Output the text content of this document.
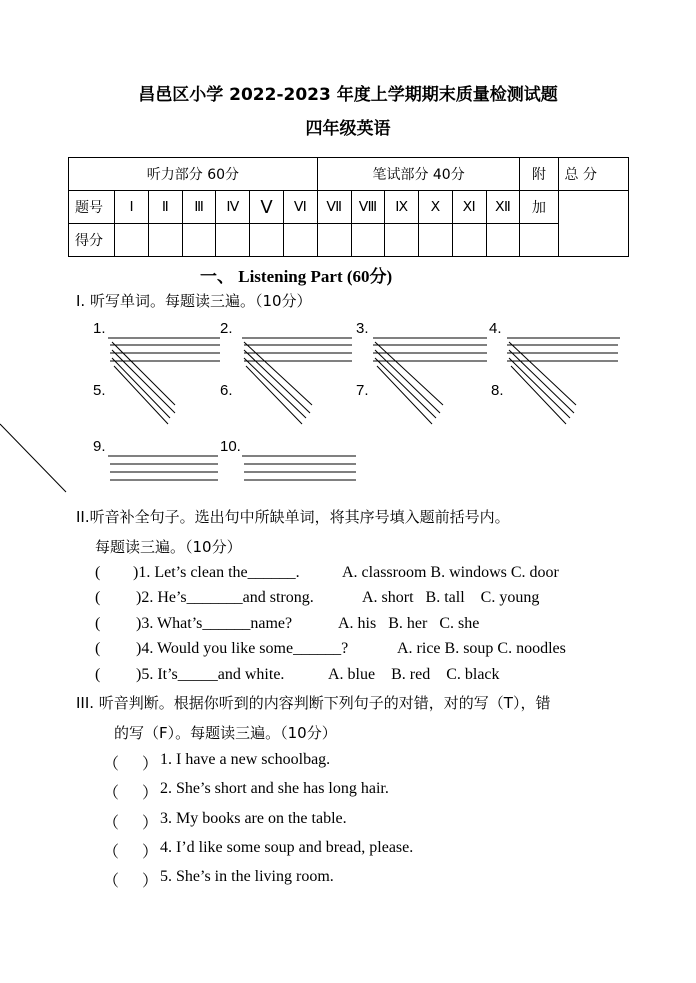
昌邑区小学 2022-2023 年度上学期期末质量检测试题
四年级英语
听力部分 60分							笔试部分 40分						附	总 分
题号	Ⅰ	Ⅱ	Ⅲ	Ⅳ	Ⅴ	Ⅵ	Ⅶ	Ⅷ	Ⅸ	Ⅹ	Ⅺ	Ⅻ	加	
得分														
一、 Listening Part (60分)
I. 听写单词。每题读三遍。（10分）
1.	2.	3.	4.
5.	6.	7.	8.
9.	10.
II.听音补全句子。选出句中所缺单词，将其序号填入题前括号内。
每题读三遍。（10分）
( )1. Let’s clean the______.	A. classroom B. windows C. door
( )2. He’s_______and strong.	A. short   B. tall    C. young
( )3. What’s______name?	A. his   B. her   C. she
( )4. Would you like some______?	A. rice B. soup C. noodles
( )5. It’s_____and white.	A. blue    B. red    C. black
III. 听音判断。根据你听到的内容判断下列句子的对错，对的写（T），错
的写（F）。每题读三遍。（10分）
（ ） 1. I have a new schoolbag.
（ ） 2. She’s short and she has long hair.
（ ） 3. My books are on the table.
（ ） 4. I’d like some soup and bread, please.
（ ） 5. She’s in the living room.
